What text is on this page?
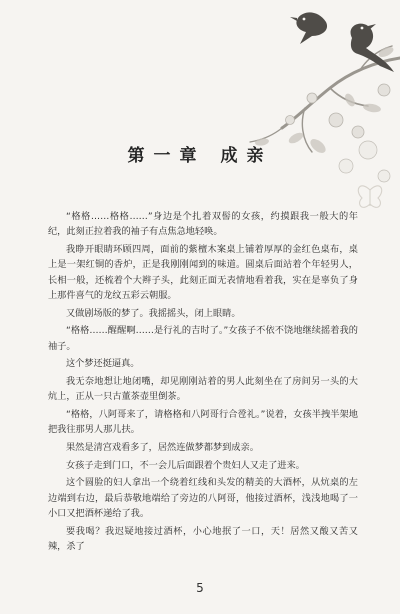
第一章 成亲

“格格……格格……”身边是个扎着双髻的女孩，约摸跟我一般大的年纪，此刻正拉着我的袖子有点焦急地轻唤。

我睁开眼睛环顾四周，面前的紫檀木案桌上铺着厚厚的金红色桌布，桌上是一架红铜的香炉，正是我刚刚闻到的味道。圆桌后面站着个年轻男人，长相一般，还梳着个大辫子头，此刻正面无表情地看着我，实在是辜负了身上那件喜气的龙纹五彩云朝服。

又做剧场版的梦了。我摇摇头，闭上眼睛。

“格格……醒醒啊……是行礼的吉时了。”女孩子不依不饶地继续摇着我的袖子。

这个梦还挺逼真。

我无奈地想让地闭嘴，却见刚刚站着的男人此刻坐在了房间另一头的大炕上，正从一只古董茶壶里倒茶。

“格格，八阿哥来了，请格格和八阿哥行合卺礼。”说着，女孩半拽半架地把我往那男人那儿扶。

果然是清宫戏看多了，居然连做梦都梦到成亲。

女孩子走到门口，不一会儿后面跟着个贵妇人又走了进来。

这个圆脸的妇人拿出一个绕着红线和头发的精美的大酒杯，从炕桌的左边端到右边，最后恭敬地端给了旁边的八阿哥，他接过酒杯，浅浅地喝了一小口又把酒杯递给了我。

要我喝？我迟疑地接过酒杯，小心地抿了一口，天！居然又酸又苦又辣，杀了

5
